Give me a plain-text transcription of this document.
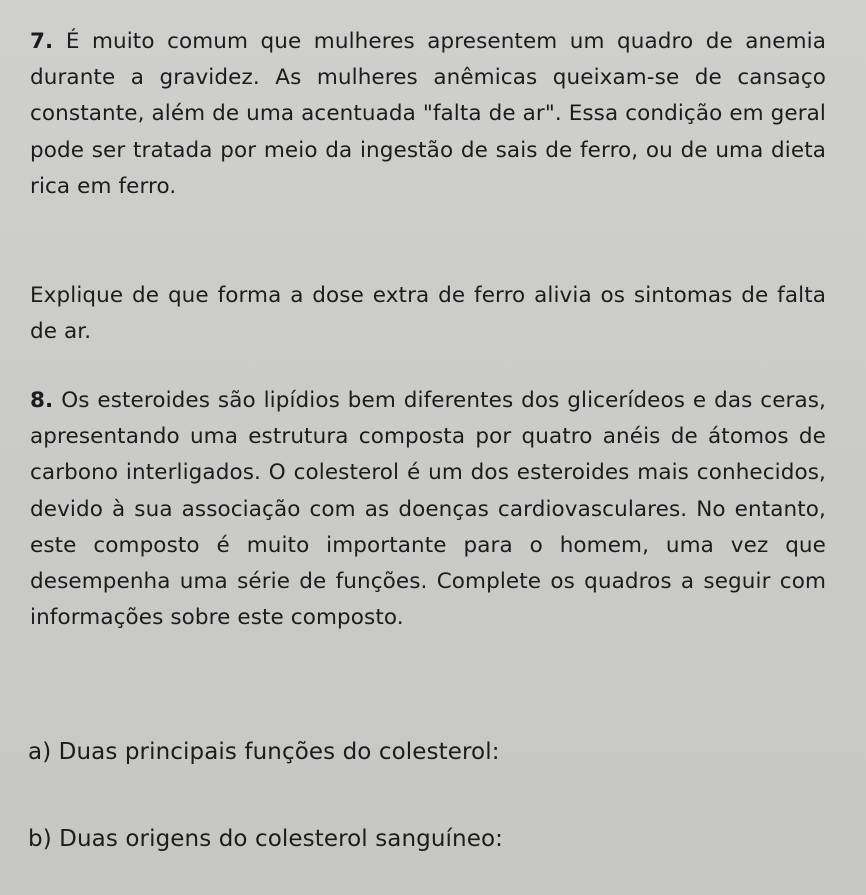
7. É muito comum que mulheres apresentem um quadro de anemia durante a gravidez. As mulheres anêmicas queixam-se de cansaço constante, além de uma acentuada "falta de ar". Essa condição em geral pode ser tratada por meio da ingestão de sais de ferro, ou de uma dieta rica em ferro.
Explique de que forma a dose extra de ferro alivia os sintomas de falta de ar.
8. Os esteroides são lipídios bem diferentes dos glicerídeos e das ceras, apresentando uma estrutura composta por quatro anéis de átomos de carbono interligados. O colesterol é um dos esteroides mais conhecidos, devido à sua associação com as doenças cardiovasculares. No entanto, este composto é muito importante para o homem, uma vez que desempenha uma série de funções. Complete os quadros a seguir com informações sobre este composto.
a) Duas principais funções do colesterol:
b) Duas origens do colesterol sanguíneo:
